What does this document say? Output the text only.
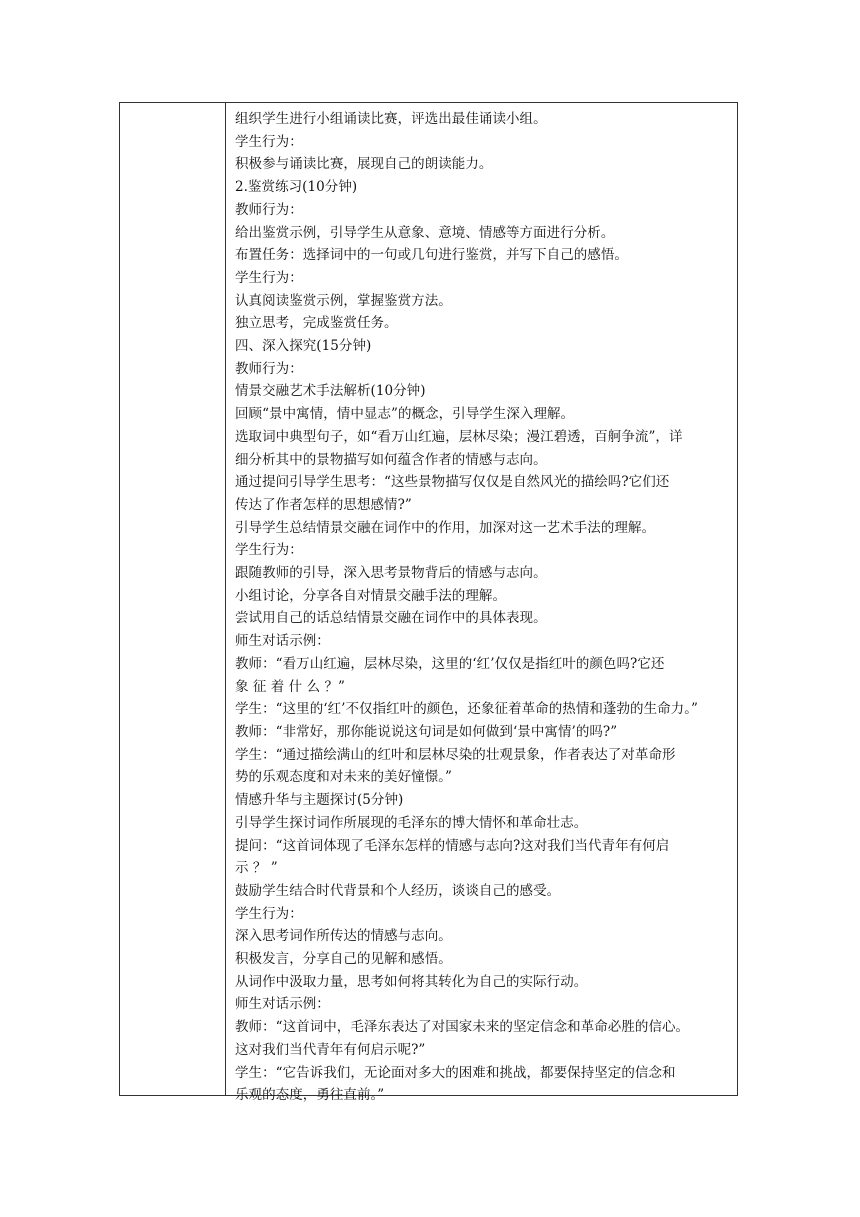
组织学生进行小组诵读比赛，评选出最佳诵读小组。
学生行为：
积极参与诵读比赛，展现自己的朗读能力。
2.鉴赏练习(10分钟)
教师行为：
给出鉴赏示例，引导学生从意象、意境、情感等方面进行分析。
布置任务：选择词中的一句或几句进行鉴赏，并写下自己的感悟。
学生行为：
认真阅读鉴赏示例，掌握鉴赏方法。
独立思考，完成鉴赏任务。
四、深入探究(15分钟)
教师行为：
情景交融艺术手法解析(10分钟)
回顾“景中寓情，情中显志”的概念，引导学生深入理解。
选取词中典型句子，如“看万山红遍，层林尽染；漫江碧透，百舸争流”，详
细分析其中的景物描写如何蕴含作者的情感与志向。
通过提问引导学生思考：“这些景物描写仅仅是自然风光的描绘吗?它们还
传达了作者怎样的思想感情?”
引导学生总结情景交融在词作中的作用，加深对这一艺术手法的理解。
学生行为：
跟随教师的引导，深入思考景物背后的情感与志向。
小组讨论，分享各自对情景交融手法的理解。
尝试用自己的话总结情景交融在词作中的具体表现。
师生对话示例：
教师：“看万山红遍，层林尽染，这里的‘红’仅仅是指红叶的颜色吗?它还
象 征 着 什 么 ？”
学生：“这里的‘红’不仅指红叶的颜色，还象征着革命的热情和蓬勃的生命力。”
教师：“非常好，那你能说说这句词是如何做到‘景中寓情’的吗?”
学生：“通过描绘满山的红叶和层林尽染的壮观景象，作者表达了对革命形
势的乐观态度和对未来的美好憧憬。”
情感升华与主题探讨(5分钟)
引导学生探讨词作所展现的毛泽东的博大情怀和革命壮志。
提问：“这首词体现了毛泽东怎样的情感与志向?这对我们当代青年有何启
示 ？ ”
鼓励学生结合时代背景和个人经历，谈谈自己的感受。
学生行为：
深入思考词作所传达的情感与志向。
积极发言，分享自己的见解和感悟。
从词作中汲取力量，思考如何将其转化为自己的实际行动。
师生对话示例：
教师：“这首词中，毛泽东表达了对国家未来的坚定信念和革命必胜的信心。
这对我们当代青年有何启示呢?”
学生：“它告诉我们，无论面对多大的困难和挑战，都要保持坚定的信念和
乐观的态度，勇往直前。”
